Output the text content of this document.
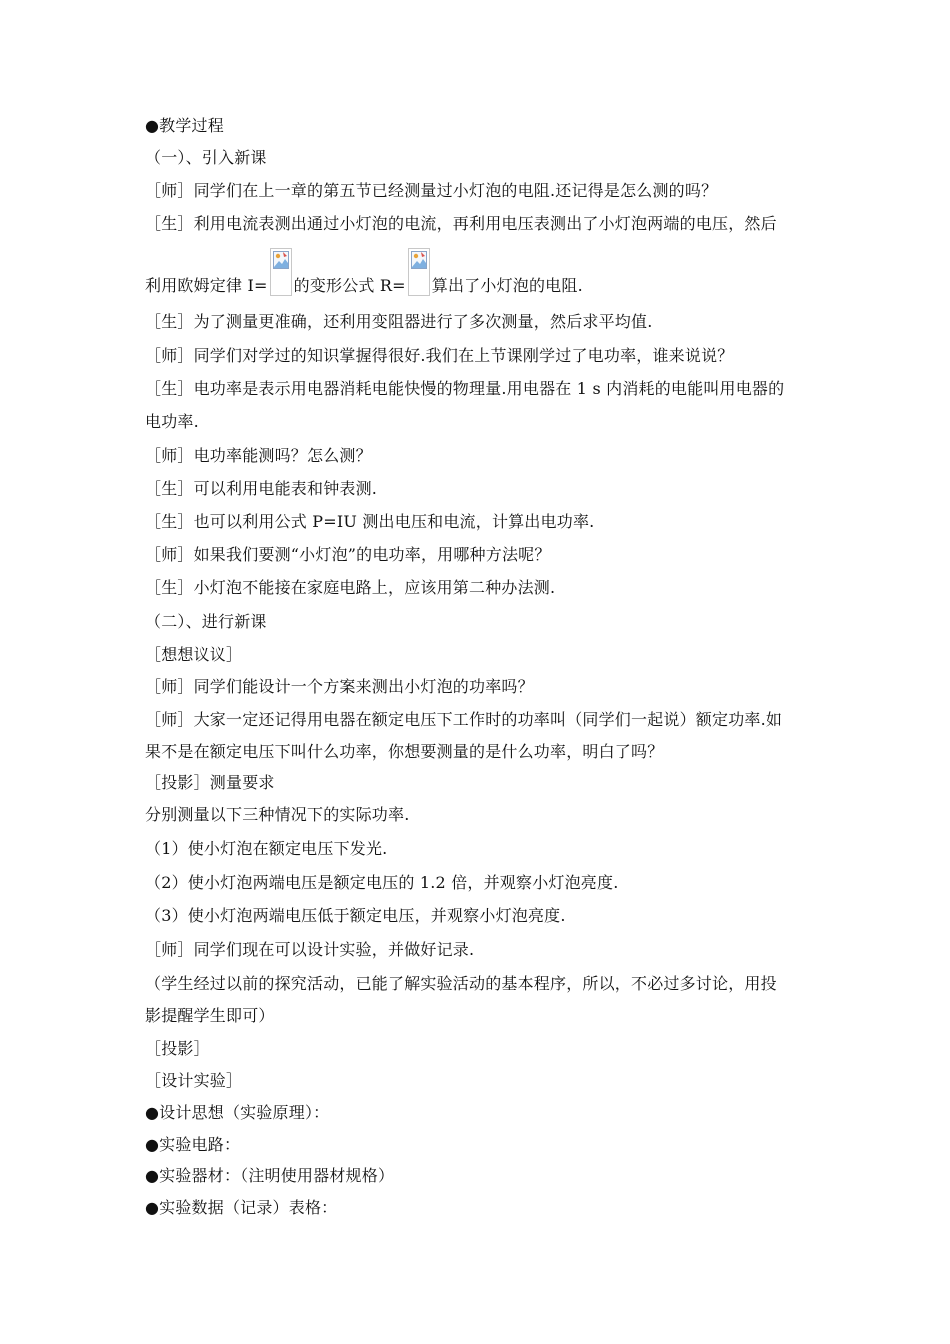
●教学过程
（一）、引入新课
［师］同学们在上一章的第五节已经测量过小灯泡的电阻.还记得是怎么测的吗？
［生］利用电流表测出通过小灯泡的电流，再利用电压表测出了小灯泡两端的电压，然后
利用欧姆定律 I= 的变形公式 R= 算出了小灯泡的电阻.
［生］为了测量更准确，还利用变阻器进行了多次测量，然后求平均值.
［师］同学们对学过的知识掌握得很好.我们在上节课刚学过了电功率，谁来说说？
［生］电功率是表示用电器消耗电能快慢的物理量.用电器在 1 s 内消耗的电能叫用电器的
电功率.
［师］电功率能测吗？怎么测？
［生］可以利用电能表和钟表测.
［生］也可以利用公式 P=IU 测出电压和电流，计算出电功率.
［师］如果我们要测“小灯泡”的电功率，用哪种方法呢？
［生］小灯泡不能接在家庭电路上，应该用第二种办法测.
（二）、进行新课
［想想议议］
［师］同学们能设计一个方案来测出小灯泡的功率吗？
［师］大家一定还记得用电器在额定电压下工作时的功率叫（同学们一起说）额定功率.如
果不是在额定电压下叫什么功率，你想要测量的是什么功率，明白了吗？
［投影］测量要求
分别测量以下三种情况下的实际功率.
（1）使小灯泡在额定电压下发光.
（2）使小灯泡两端电压是额定电压的 1.2 倍，并观察小灯泡亮度.
（3）使小灯泡两端电压低于额定电压，并观察小灯泡亮度.
［师］同学们现在可以设计实验，并做好记录.
（学生经过以前的探究活动，已能了解实验活动的基本程序，所以，不必过多讨论，用投
影提醒学生即可）
［投影］
［设计实验］
●设计思想（实验原理）：
●实验电路：
●实验器材：（注明使用器材规格）
●实验数据（记录）表格：
